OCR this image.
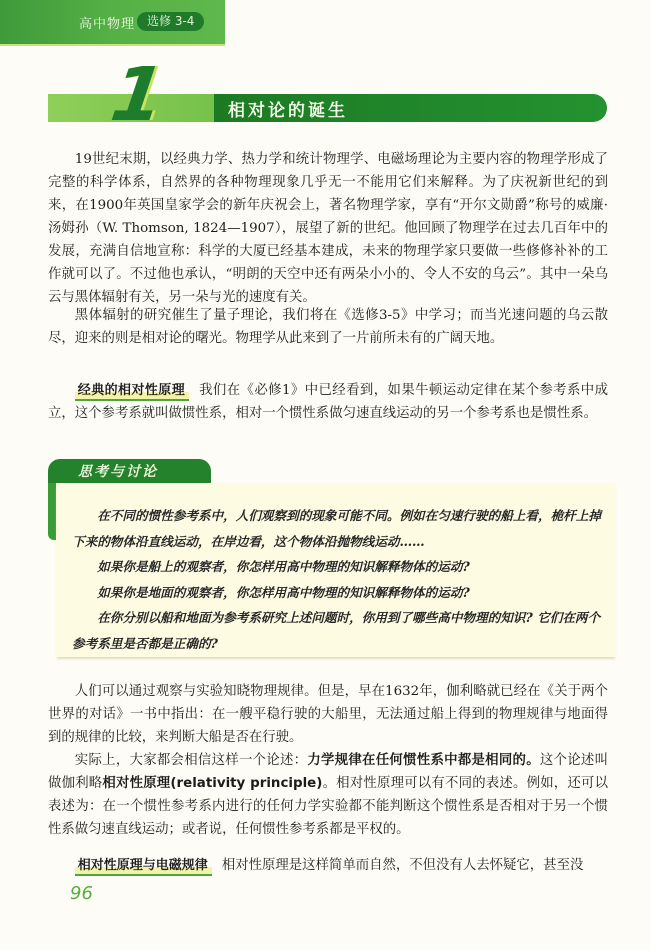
高中物理 选修 3-4
1	相对论的诞生

19世纪末期，以经典力学、热力学和统计物理学、电磁场理论为主要内容的物理学形成了完整的科学体系，自然界的各种物理现象几乎无一不能用它们来解释。为了庆祝新世纪的到来，在1900年英国皇家学会的新年庆祝会上，著名物理学家，享有“开尔文勋爵”称号的威廉·汤姆孙（W. Thomson, 1824—1907），展望了新的世纪。他回顾了物理学在过去几百年中的发展，充满自信地宣称：科学的大厦已经基本建成，未来的物理学家只要做一些修修补补的工作就可以了。不过他也承认，“明朗的天空中还有两朵小小的、令人不安的乌云”。其中一朵乌云与黑体辐射有关，另一朵与光的速度有关。

黑体辐射的研究催生了量子理论，我们将在《选修3-5》中学习；而当光速问题的乌云散尽，迎来的则是相对论的曙光。物理学从此来到了一片前所未有的广阔天地。

经典的相对性原理 我们在《必修1》中已经看到，如果牛顿运动定律在某个参考系中成立，这个参考系就叫做惯性系，相对一个惯性系做匀速直线运动的另一个参考系也是惯性系。

思考与讨论

在不同的惯性参考系中，人们观察到的现象可能不同。例如在匀速行驶的船上看，桅杆上掉下来的物体沿直线运动，在岸边看，这个物体沿抛物线运动……

如果你是船上的观察者，你怎样用高中物理的知识解释物体的运动?

如果你是地面的观察者，你怎样用高中物理的知识解释物体的运动?

在你分别以船和地面为参考系研究上述问题时，你用到了哪些高中物理的知识? 它们在两个参考系里是否都是正确的?

人们可以通过观察与实验知晓物理规律。但是，早在1632年，伽利略就已经在《关于两个世界的对话》一书中指出：在一艘平稳行驶的大船里，无法通过船上得到的物理规律与地面得到的规律的比较，来判断大船是否在行驶。

实际上，大家都会相信这样一个论述：力学规律在任何惯性系中都是相同的。这个论述叫做伽利略相对性原理(relativity principle)。相对性原理可以有不同的表述。例如，还可以表述为：在一个惯性参考系内进行的任何力学实验都不能判断这个惯性系是否相对于另一个惯性系做匀速直线运动；或者说，任何惯性参考系都是平权的。

相对性原理与电磁规律 相对性原理是这样简单而自然，不但没有人去怀疑它，甚至没

96
